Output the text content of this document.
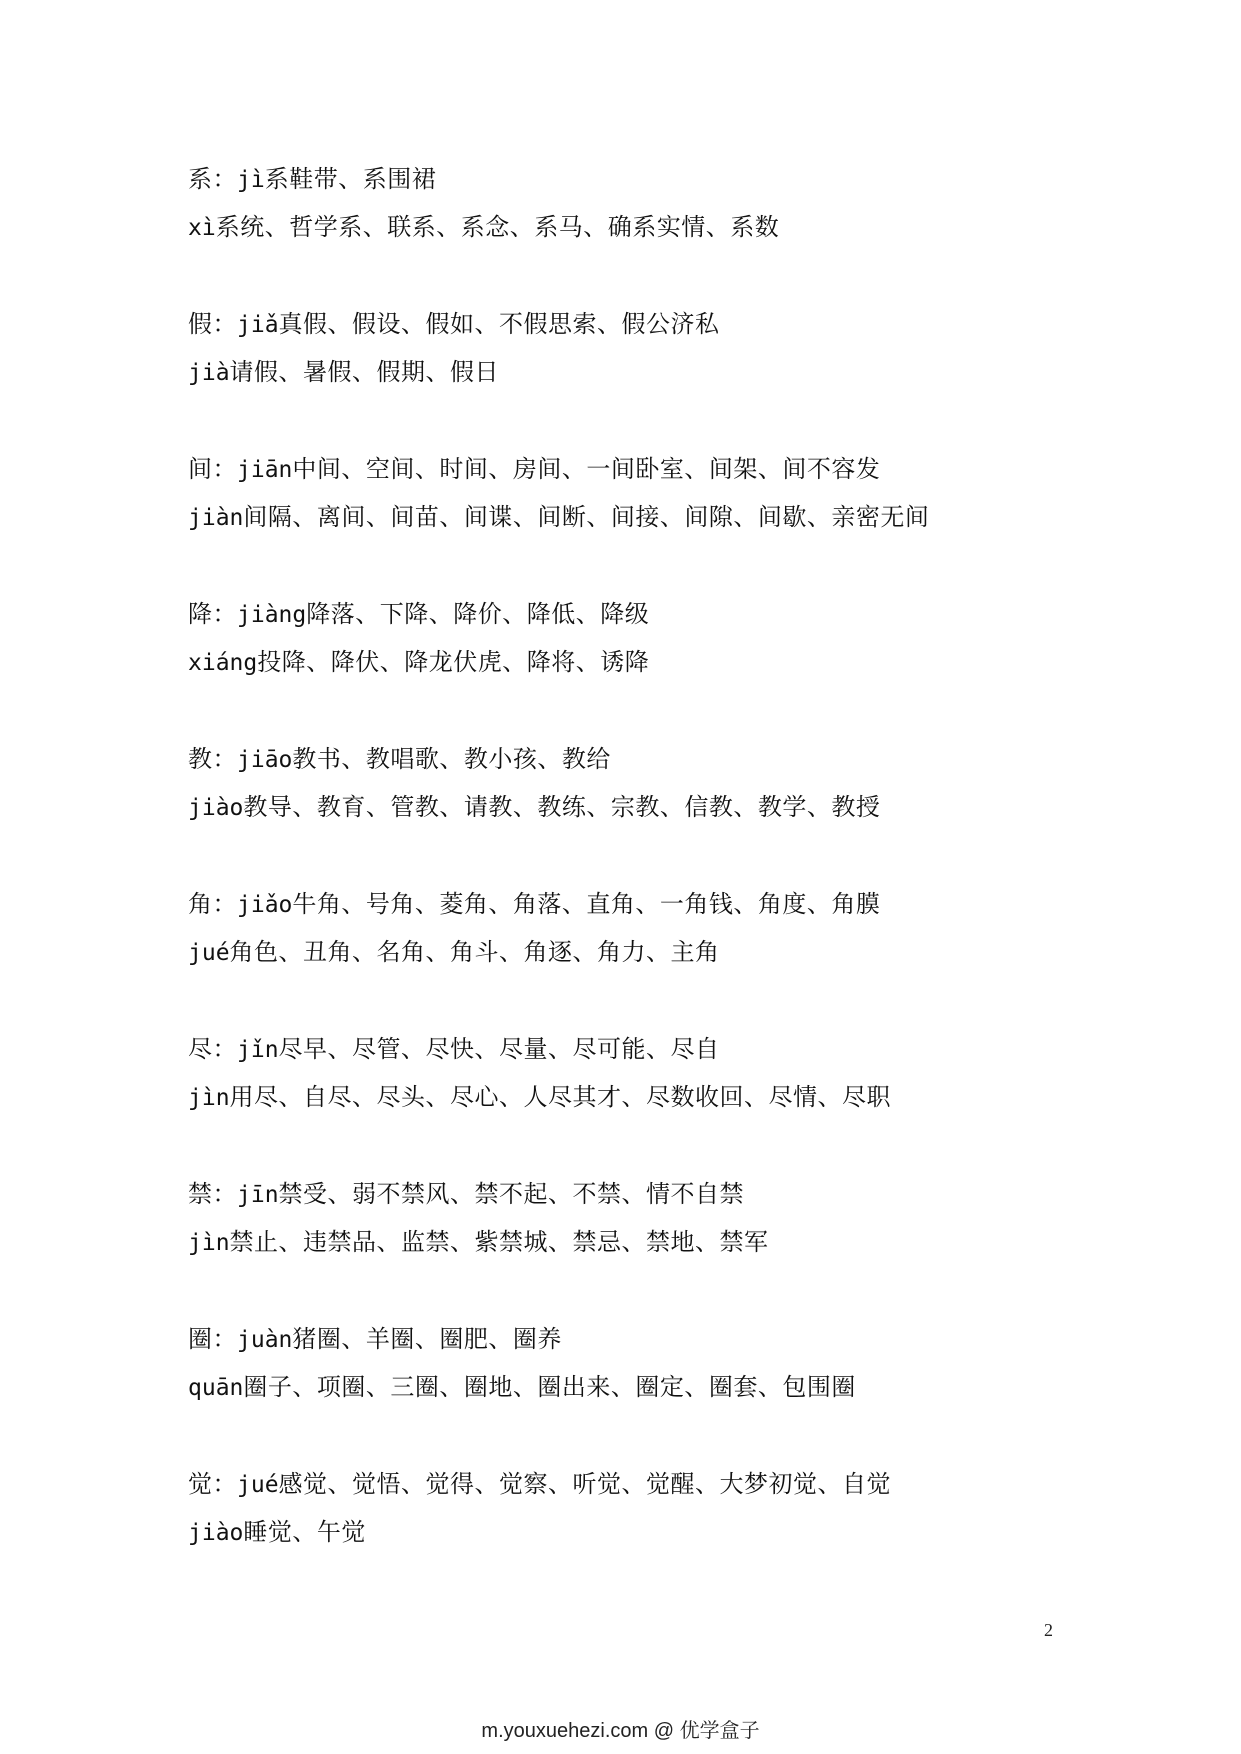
系：jì系鞋带、系围裙
xì系统、哲学系、联系、系念、系马、确系实情、系数
假：jiǎ真假、假设、假如、不假思索、假公济私
jià请假、暑假、假期、假日
间：jiān中间、空间、时间、房间、一间卧室、间架、间不容发
jiàn间隔、离间、间苗、间谍、间断、间接、间隙、间歇、亲密无间
降：jiàng降落、下降、降价、降低、降级
xiáng投降、降伏、降龙伏虎、降将、诱降
教：jiāo教书、教唱歌、教小孩、教给
jiào教导、教育、管教、请教、教练、宗教、信教、教学、教授
角：jiǎo牛角、号角、菱角、角落、直角、一角钱、角度、角膜
jué角色、丑角、名角、角斗、角逐、角力、主角
尽：jǐn尽早、尽管、尽快、尽量、尽可能、尽自
jìn用尽、自尽、尽头、尽心、人尽其才、尽数收回、尽情、尽职
禁：jīn禁受、弱不禁风、禁不起、不禁、情不自禁
jìn禁止、违禁品、监禁、紫禁城、禁忌、禁地、禁军
圈：juàn猪圈、羊圈、圈肥、圈养
quān圈子、项圈、三圈、圈地、圈出来、圈定、圈套、包围圈
觉：jué感觉、觉悟、觉得、觉察、听觉、觉醒、大梦初觉、自觉
jiào睡觉、午觉
2
m.youxuehezi.com @ 优学盒子
